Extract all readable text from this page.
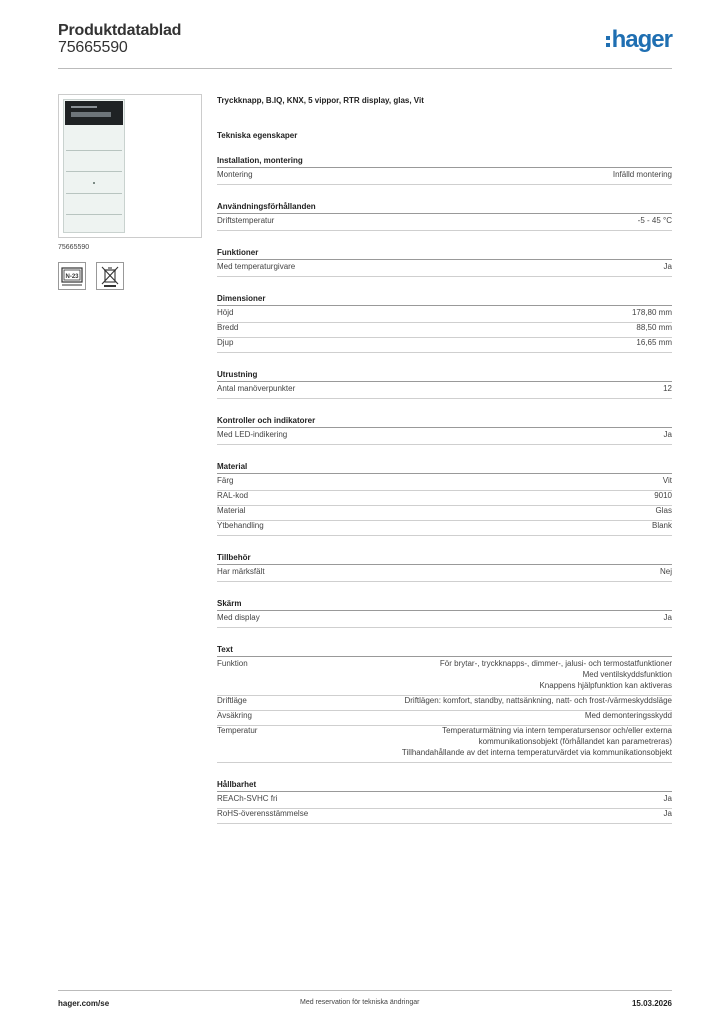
Produktdatablad
75665590	hager
75665590
N-23
Tryckknapp, B.IQ, KNX, 5 vippor, RTR display, glas, Vit
Tekniska egenskaper
Installation, montering
Montering	Infälld montering
Användningsförhållanden
Driftstemperatur	-5 - 45 °C
Funktioner
Med temperaturgivare	Ja
Dimensioner
Höjd	178,80 mm
Bredd	88,50 mm
Djup	16,65 mm
Utrustning
Antal manöverpunkter	12
Kontroller och indikatorer
Med LED-indikering	Ja
Material
Färg	Vit
RAL-kod	9010
Material	Glas
Ytbehandling	Blank
Tillbehör
Har märksfält	Nej
Skärm
Med display	Ja
Text
Funktion	För brytar-, tryckknapps-, dimmer-, jalusi- och termostatfunktioner
Med ventilskyddsfunktion
Knappens hjälpfunktion kan aktiveras
Driftläge	Driftlägen: komfort, standby, nattsänkning, natt- och frost-/värmeskyddsläge
Avsäkring	Med demonteringsskydd
Temperatur	Temperaturmätning via intern temperatursensor och/eller externa
kommunikationsobjekt (förhållandet kan parametreras)
Tillhandahållande av det interna temperaturvärdet via kommunikationsobjekt
Hållbarhet
REACh-SVHC fri	Ja
RoHS-överensstämmelse	Ja
hager.com/se	Med reservation för tekniska ändringar	15.03.2026
